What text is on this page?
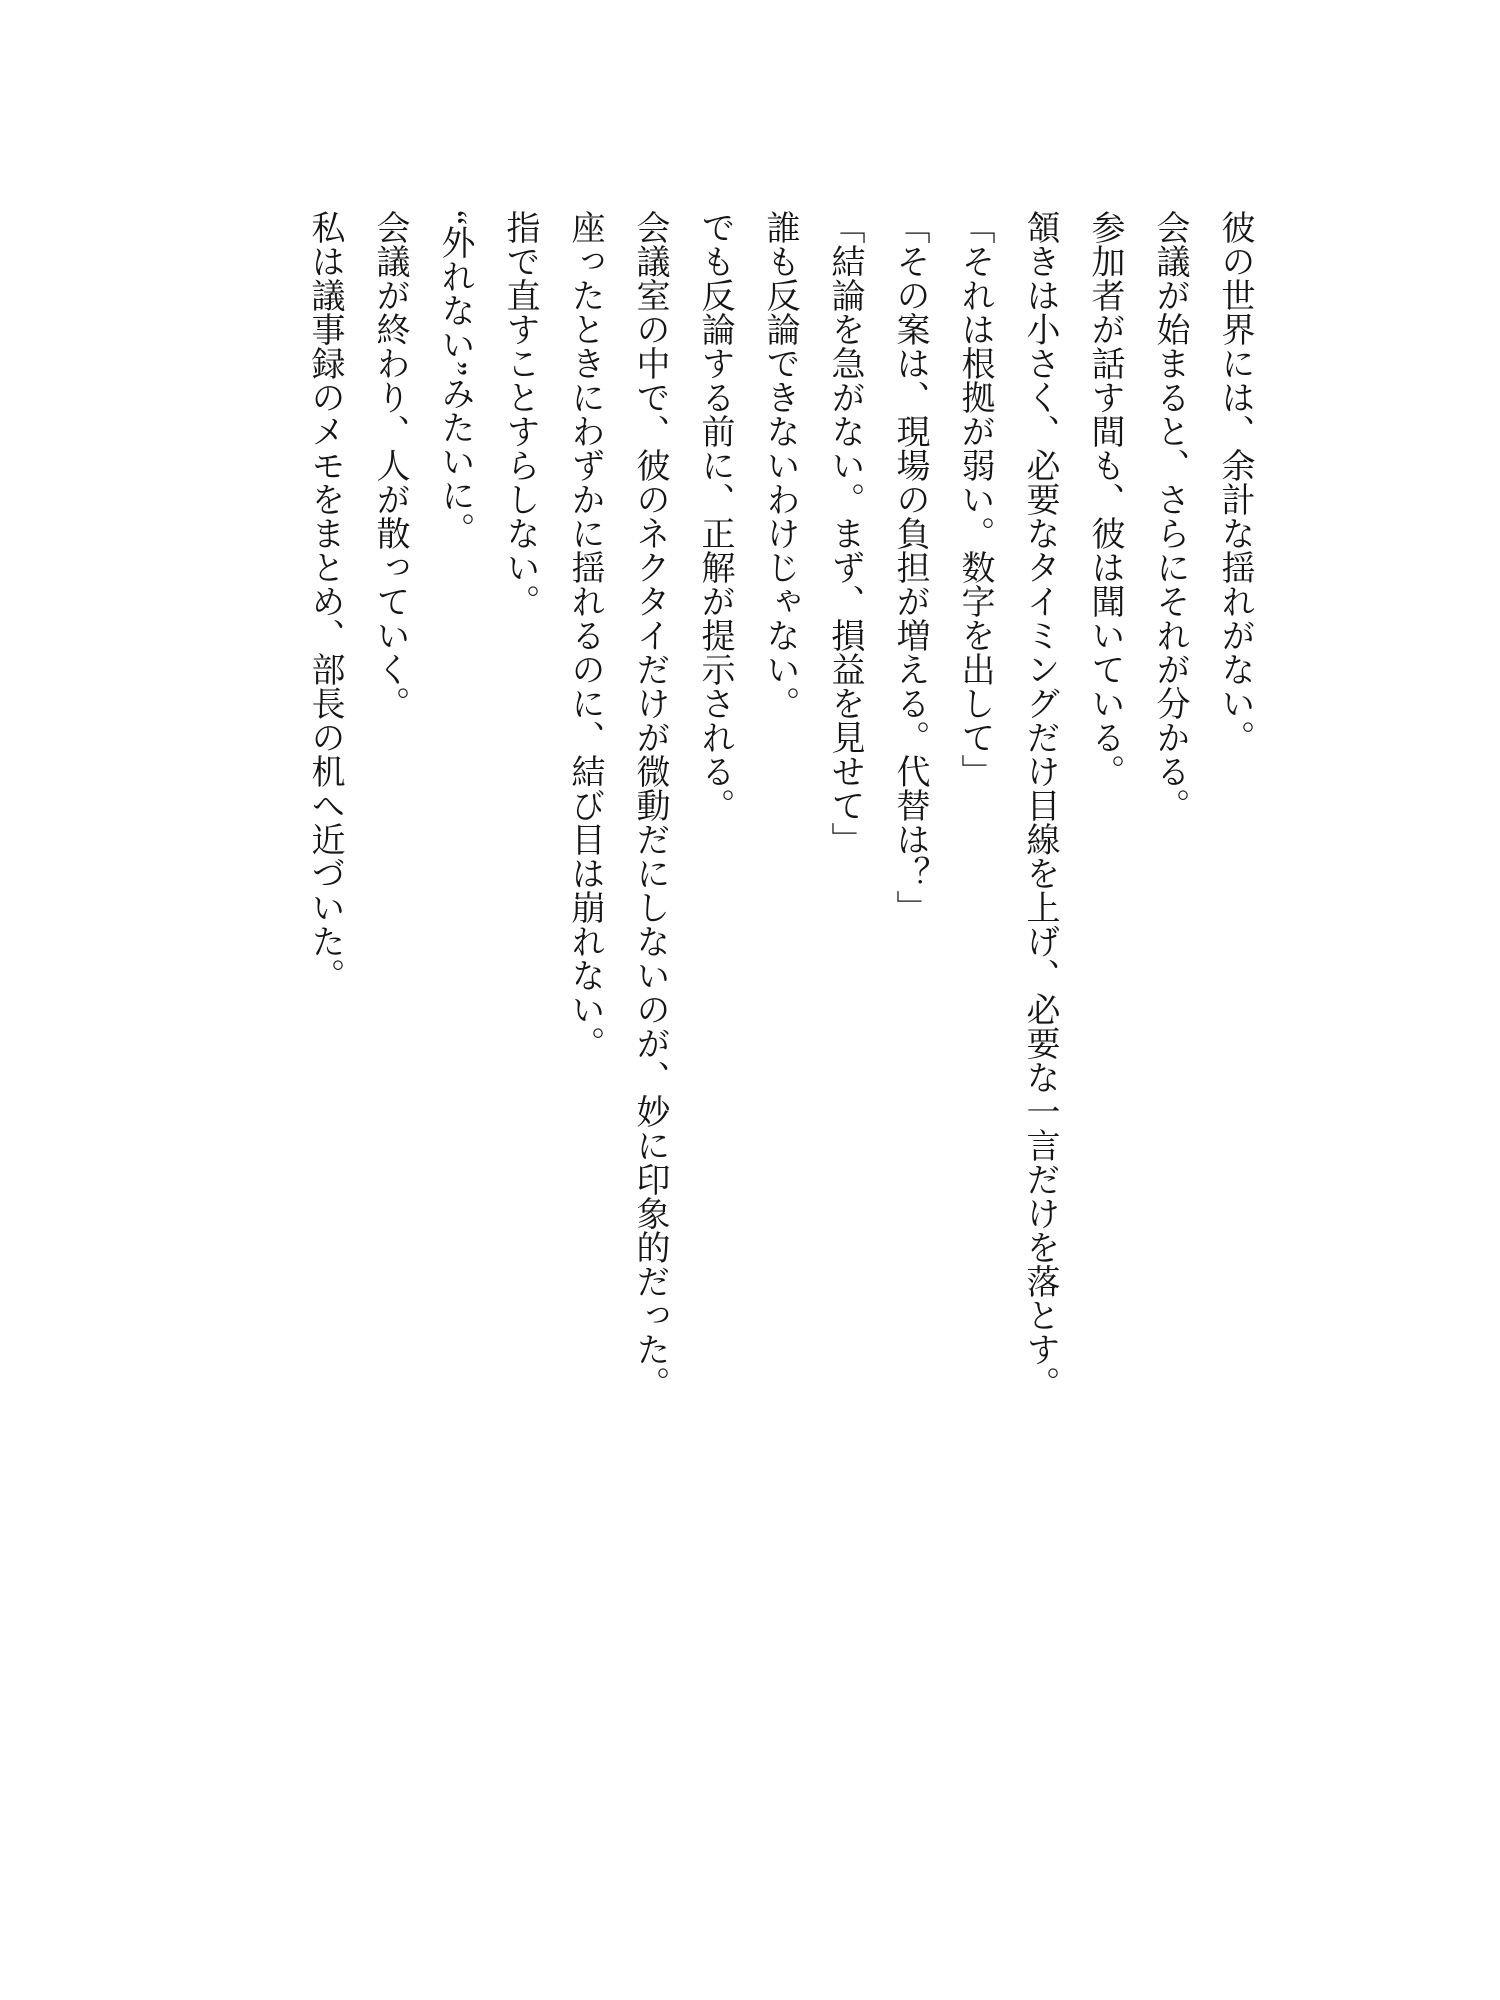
彼の世界には、余計な揺れがない。

会議が始まると、さらにそれが分かる。

参加者が話す間も、彼は聞いている。

頷きは小さく、必要なタイミングだけ目線を上げ、必要な一言だけを落とす。

「それは根拠が弱い。数字を出して」

「その案は、現場の負担が増える。代替は？」

「結論を急がない。まず、損益を見せて」

誰も反論できないわけじゃない。

でも反論する前に、正解が提示される。

会議室の中で、彼のネクタイだけが微動だにしないのが、妙に印象的だった。

座ったときにわずかに揺れるのに、結び目は崩れない。

指で直すことすらしない。

“外れない”みたいに。

会議が終わり、人が散っていく。

私は議事録のメモをまとめ、部長の机へ近づいた。
